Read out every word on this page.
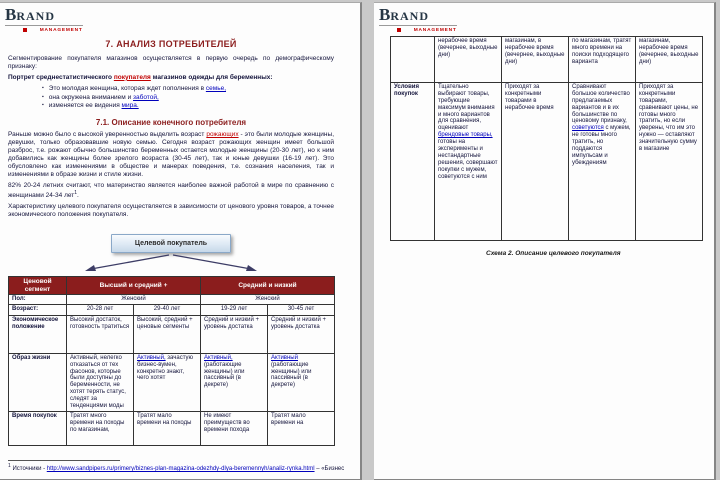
BRAND
MANAGEMENT
7. АНАЛИЗ ПОТРЕБИТЕЛЕЙ

Сегментирование покупателя магазинов осуществляется в первую очередь по демографическому признаку:

Портрет среднестатистического покупателя магазинов одежды для беременных:

▪ Это молодая женщина, которая ждет пополнения в семье,
▪ она окружена вниманием и заботой,
▪ изменяется ее видения мира.
7.1. Описание конечного потребителя

Раньше можно было с высокой уверенностью выделить возраст рожающих - это были молодые женщины, девушки, только образовавшие новую семью. Сегодня возраст рожающих женщин имеет большой разброс, т.е. рожают обычно большинство беременных остается молодые женщины (20-30 лет), но к ним добавились как женщины более зрелого возраста (30-45 лет), так и юные девушки (16-19 лет). Это обусловлено как изменениями в обществе и манерах поведения, т.е. сознания населения, так и изменениями в образе жизни и стиле жизни.

82% 20-24 летних считают, что материнство является наиболее важной работой в мире по сравнению с женщинами 24-34 лет$^1$.

Характеристику целевого покупателя осуществляется в зависимости от ценового уровня товаров, а точнее экономического положения покупателя.

Целевой покупатель
Ценовой сегмент	Высший и средний +		Средний и низкий	
Пол:	Женский		Женский	
Возраст:	20-28 лет	29-40 лет	19-29 лет	30-45 лет
Экономическое положение	Высокий достаток, готовность тратиться	Высокий, средний + ценовые сегменты	Средний и низкий + уровень достатка	Средний и низкий + уровень достатка
Образ жизни	Активный, нелегко отказаться от тех фасонов, которые были доступны до беременности, не хотят терять статус, следят за тенденциями моды	Активный, зачастую бизнес-вумен, конкретно знают, чего хотят	Активный, (работающие женщины) или пассивный (в декрете)	Активный (работающие женщины) или пассивный (в декрете)
Время покупок	Тратят много времени на походы по магазинам,	Тратят мало времени на походы	Не имеют преимуществ во времени похода	Тратят мало времени на
$^1$ Источники - http://www.sandpipers.ru/primery/biznes-plan-magazina-odezhdy-dlya-beremennyh/analiz-rynka.html – «Бизнес
BRAND
MANAGEMENT
	нерабочее время (вечернее, выходные дни)	магазинам, в нерабочее время (вечернее, выходные дни)	по магазинам, тратят много времени на поиски подходящего варианта	магазинам, нерабочее время (вечернее, выходные дни)
Условия покупок	Тщательно выбирают товары, требующие максимум внимания и много вариантов для сравнения, оценивают брендовые товары, готовы на эксперименты и нестандартные решения, совершают покупки с мужем, советуются с ним	Приходят за конкретными товарами в нерабочее время	Сравнивают большое количество предлагаемых вариантов и в их большинстве по ценовому признаку, советуются с мужем, не готовы много тратить, но поддаются импульсам и убеждениям	Приходят за конкретными товарами, сравнивают цены, не готовы много тратить, но если уверены, что им это нужно — оставляют значительную сумму в магазине
Схема 2. Описание целевого покупателя
